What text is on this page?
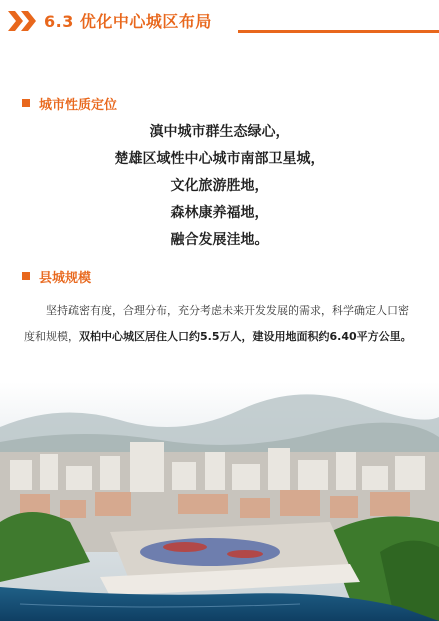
6.3 优化中心城区布局
城市性质定位
滇中城市群生态绿心，
楚雄区域性中心城市南部卫星城，
文化旅游胜地，
森林康养福地，
融合发展洼地。
县城规模
坚持疏密有度，合理分布，充分考虑未来开发发展的需求，科学确定人口密度和规模，双柏中心城区居住人口约5.5万人，建设用地面积约6.40平方公里。
